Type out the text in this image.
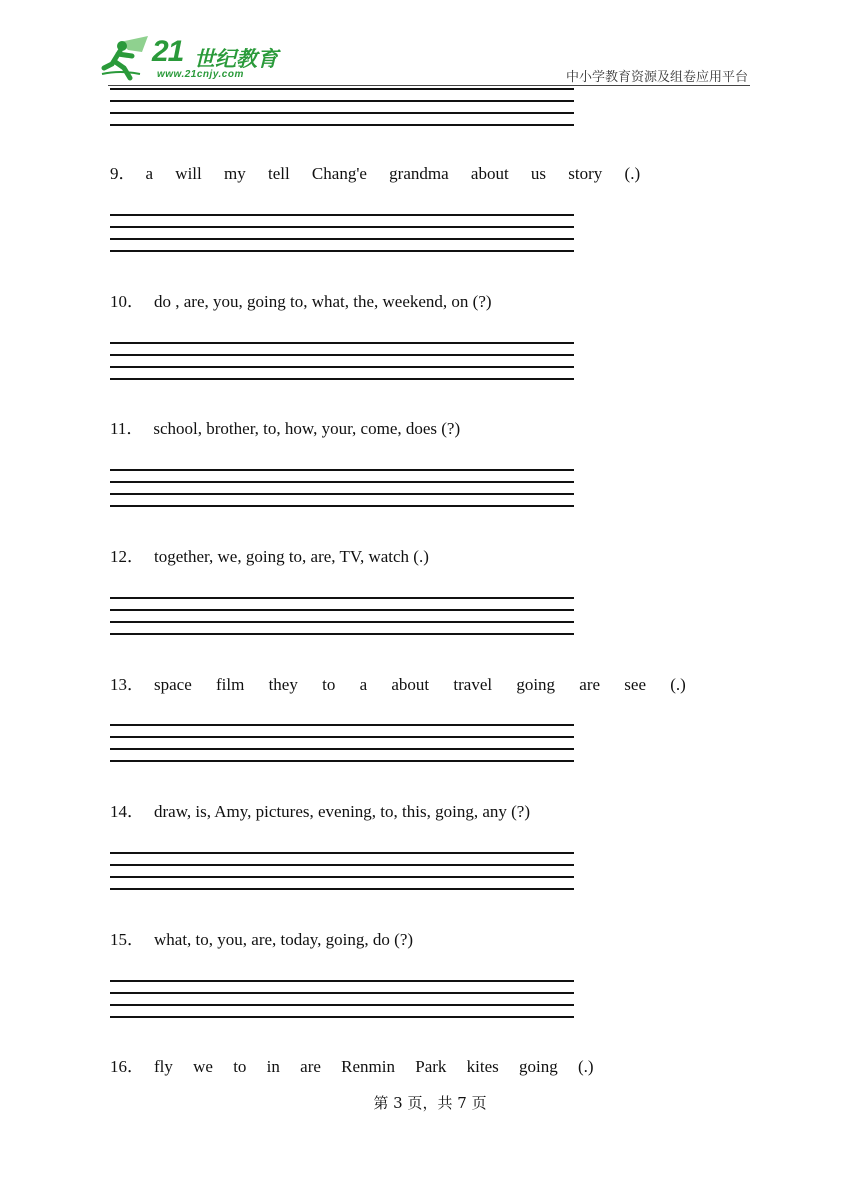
21 世纪教育
www.21cnjy.com	中小学教育资源及组卷应用平台
9． a will my tell Chang'e grandma about us story (.)
10． do , are, you, going to, what, the, weekend, on (?)
11． school, brother, to, how, your, come, does (?)
12． together, we, going to, are, TV, watch (.)
13． space film they to a about travel going are see (.)
14． draw, is, Amy, pictures, evening, to, this, going, any (?)
15． what, to, you, are, today, going, do (?)
16． fly we to in are Renmin Park kites going (.)
第 3 页，共 7 页
